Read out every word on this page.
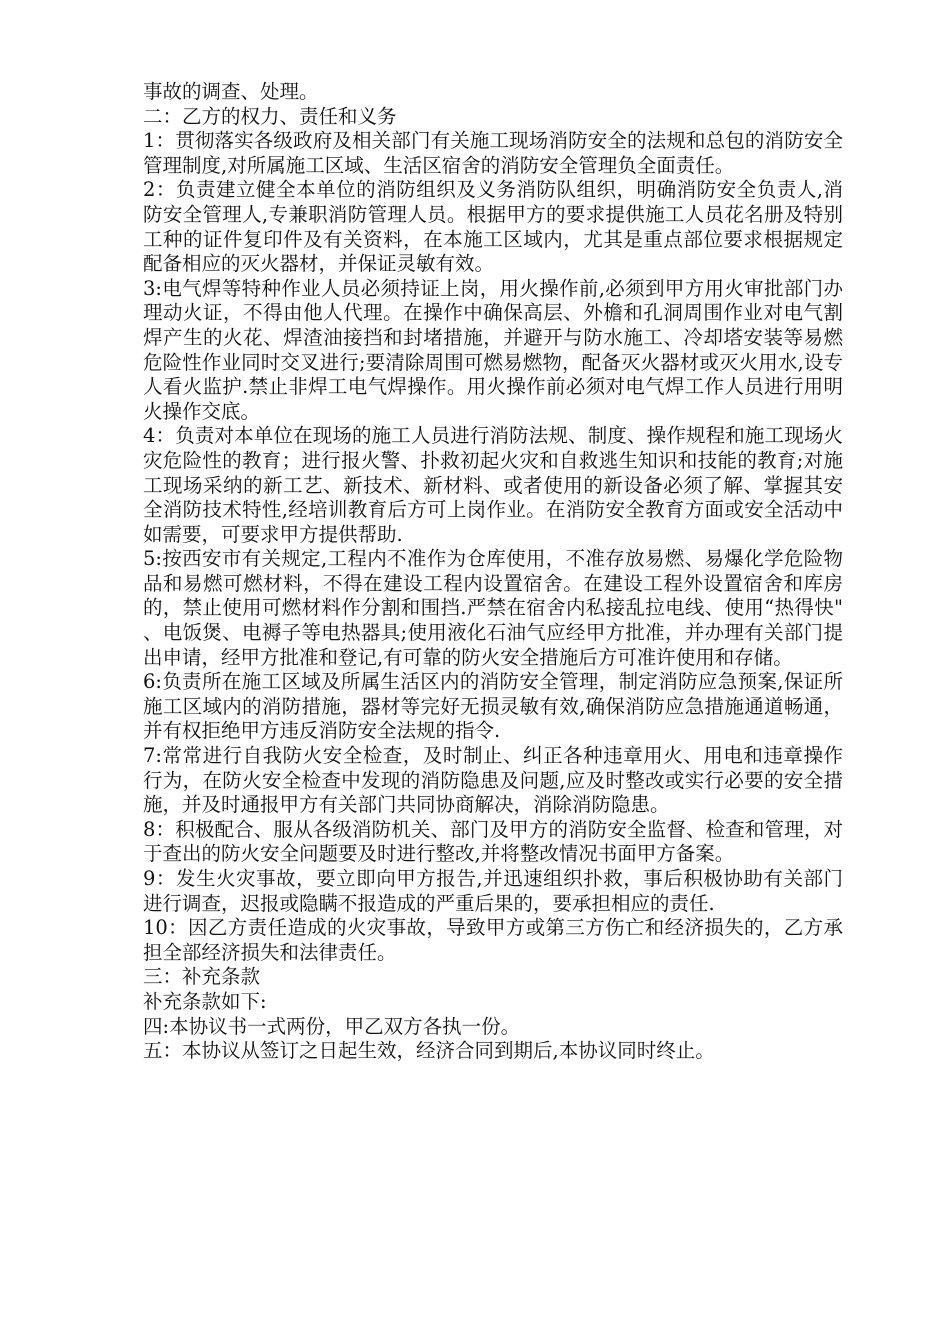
事故的调查、处理。

二：乙方的权力、责任和义务

1：贯彻落实各级政府及相关部门有关施工现场消防安全的法规和总包的消防安全管理制度,对所属施工区域、生活区宿舍的消防安全管理负全面责任。

2：负责建立健全本单位的消防组织及义务消防队组织，明确消防安全负责人,消防安全管理人,专兼职消防管理人员。根据甲方的要求提供施工人员花名册及特别工种的证件复印件及有关资料，在本施工区域内，尤其是重点部位要求根据规定配备相应的灭火器材，并保证灵敏有效。

3:电气焊等特种作业人员必须持证上岗，用火操作前,必须到甲方用火审批部门办理动火证，不得由他人代理。在操作中确保高层、外檐和孔洞周围作业对电气割焊产生的火花、焊渣油接挡和封堵措施，并避开与防水施工、冷却塔安装等易燃危险性作业同时交叉进行;要清除周围可燃易燃物，配备灭火器材或灭火用水,设专人看火监护.禁止非焊工电气焊操作。用火操作前必须对电气焊工作人员进行用明火操作交底。

4：负责对本单位在现场的施工人员进行消防法规、制度、操作规程和施工现场火灾危险性的教育；进行报火警、扑救初起火灾和自救逃生知识和技能的教育;对施工现场采纳的新工艺、新技术、新材料、或者使用的新设备必须了解、掌握其安全消防技术特性,经培训教育后方可上岗作业。在消防安全教育方面或安全活动中如需要，可要求甲方提供帮助.

5:按西安市有关规定,工程内不准作为仓库使用，不准存放易燃、易爆化学危险物品和易燃可燃材料，不得在建设工程内设置宿舍。在建设工程外设置宿舍和库房的，禁止使用可燃材料作分割和围挡.严禁在宿舍内私接乱拉电线、使用“热得快"、电饭煲、电褥子等电热器具;使用液化石油气应经甲方批准，并办理有关部门提出申请，经甲方批准和登记,有可靠的防火安全措施后方可准许使用和存储。

6:负责所在施工区域及所属生活区内的消防安全管理，制定消防应急预案,保证所施工区域内的消防措施，器材等完好无损灵敏有效,确保消防应急措施通道畅通，并有权拒绝甲方违反消防安全法规的指令.

7:常常进行自我防火安全检查，及时制止、纠正各种违章用火、用电和违章操作行为，在防火安全检查中发现的消防隐患及问题,应及时整改或实行必要的安全措施，并及时通报甲方有关部门共同协商解决，消除消防隐患。

8：积极配合、服从各级消防机关、部门及甲方的消防安全监督、检查和管理，对于查出的防火安全问题要及时进行整改,并将整改情况书面甲方备案。

9：发生火灾事故，要立即向甲方报告,并迅速组织扑救，事后积极协助有关部门进行调查，迟报或隐瞒不报造成的严重后果的，要承担相应的责任.

10：因乙方责任造成的火灾事故，导致甲方或第三方伤亡和经济损失的，乙方承担全部经济损失和法律责任。

三：补充条款

补充条款如下:

四:本协议书一式两份，甲乙双方各执一份。

五：本协议从签订之日起生效，经济合同到期后,本协议同时终止。
